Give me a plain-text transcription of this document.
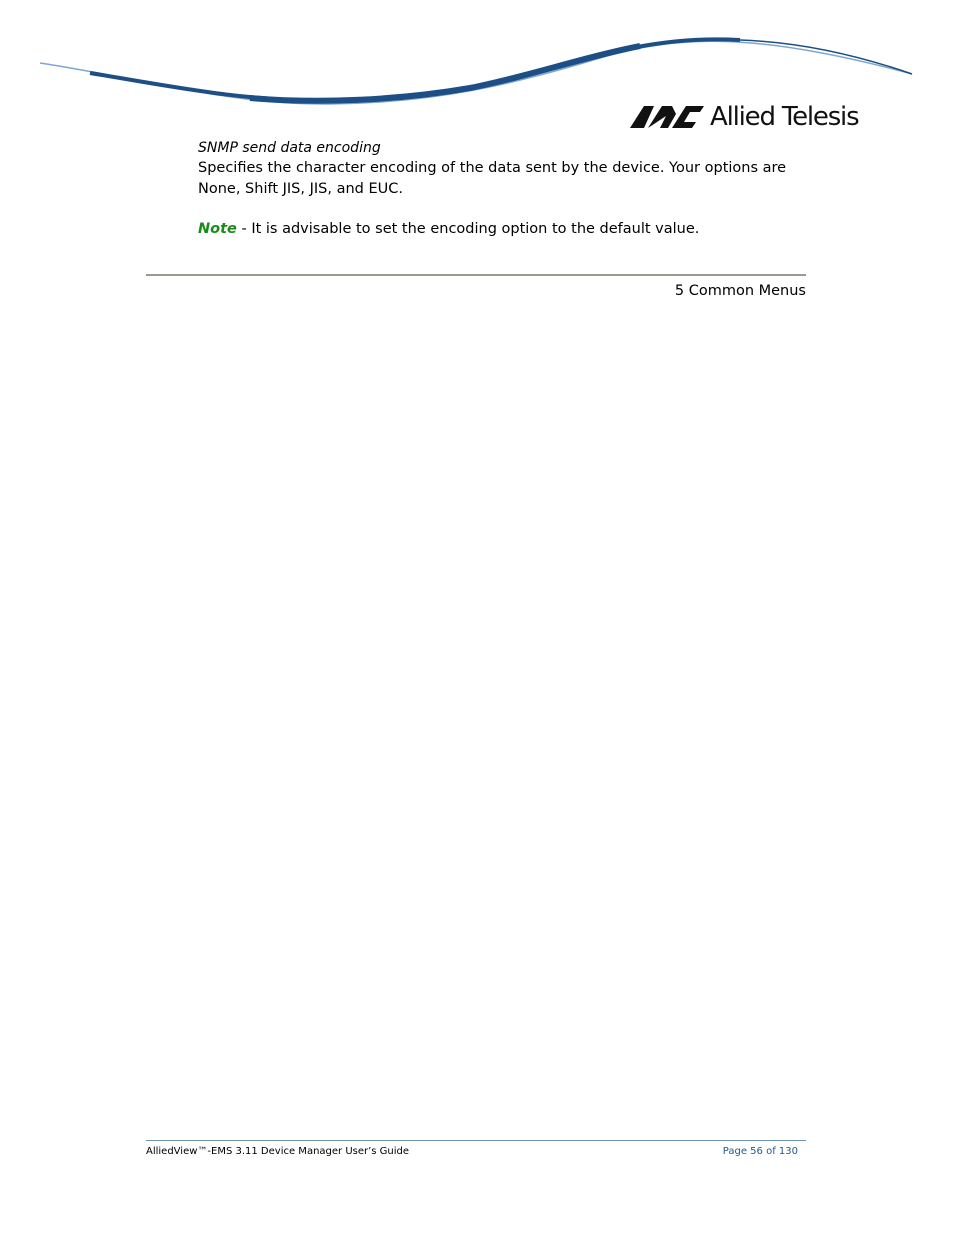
Allied Telesis

SNMP send data encoding

Specifies the character encoding of the data sent by the device. Your options are None, Shift JIS, JIS, and EUC.

Note - It is advisable to set the encoding option to the default value.
5 Common Menus
AlliedView™-EMS 3.11 Device Manager User’s Guide	Page 56 of 130
